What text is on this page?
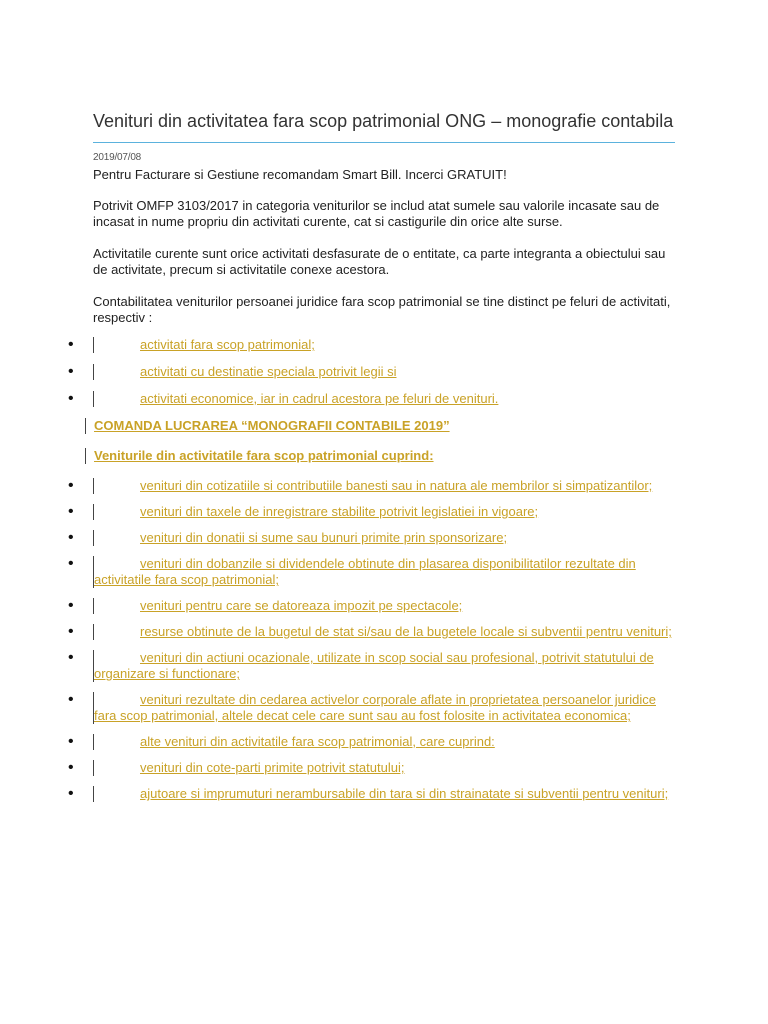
Venituri din activitatea fara scop patrimonial ONG – monografie contabila
2019/07/08

Pentru Facturare si Gestiune recomandam Smart Bill. Incerci GRATUIT!

Potrivit OMFP 3103/2017 in categoria veniturilor se includ atat sumele sau valorile incasate sau de incasat in nume propriu din activitati curente, cat si castigurile din orice alte surse.

Activitatile curente sunt orice activitati desfasurate de o entitate, ca parte integranta a obiectului sau de activitate, precum si activitatile conexe acestora.

Contabilitatea veniturilor persoanei juridice fara scop patrimonial se tine distinct pe feluri de activitati, respectiv :

•	activitati fara scop patrimonial;
•	activitati cu destinatie speciala potrivit legii si
•	activitati economice, iar in cadrul acestora pe feluri de venituri.
COMANDA LUCRAREA “MONOGRAFII CONTABILE 2019”
Veniturile din activitatile fara scop patrimonial cuprind:
•	venituri din cotizatiile si contributiile banesti sau in natura ale membrilor si simpatizantilor;
•	venituri din taxele de inregistrare stabilite potrivit legislatiei in vigoare;
•	venituri din donatii si sume sau bunuri primite prin sponsorizare;
•	venituri din dobanzile si dividendele obtinute din plasarea disponibilitatilor rezultate din activitatile fara scop patrimonial;
•	venituri pentru care se datoreaza impozit pe spectacole;
•	resurse obtinute de la bugetul de stat si/sau de la bugetele locale si subventii pentru venituri;
•	venituri din actiuni ocazionale, utilizate in scop social sau profesional, potrivit statutului de organizare si functionare;
•	venituri rezultate din cedarea activelor corporale aflate in proprietatea persoanelor juridice fara scop patrimonial, altele decat cele care sunt sau au fost folosite in activitatea economica;
•	alte venituri din activitatile fara scop patrimonial, care cuprind:
•	venituri din cote-parti primite potrivit statutului;
•	ajutoare si imprumuturi nerambursabile din tara si din strainatate si subventii pentru venituri;
